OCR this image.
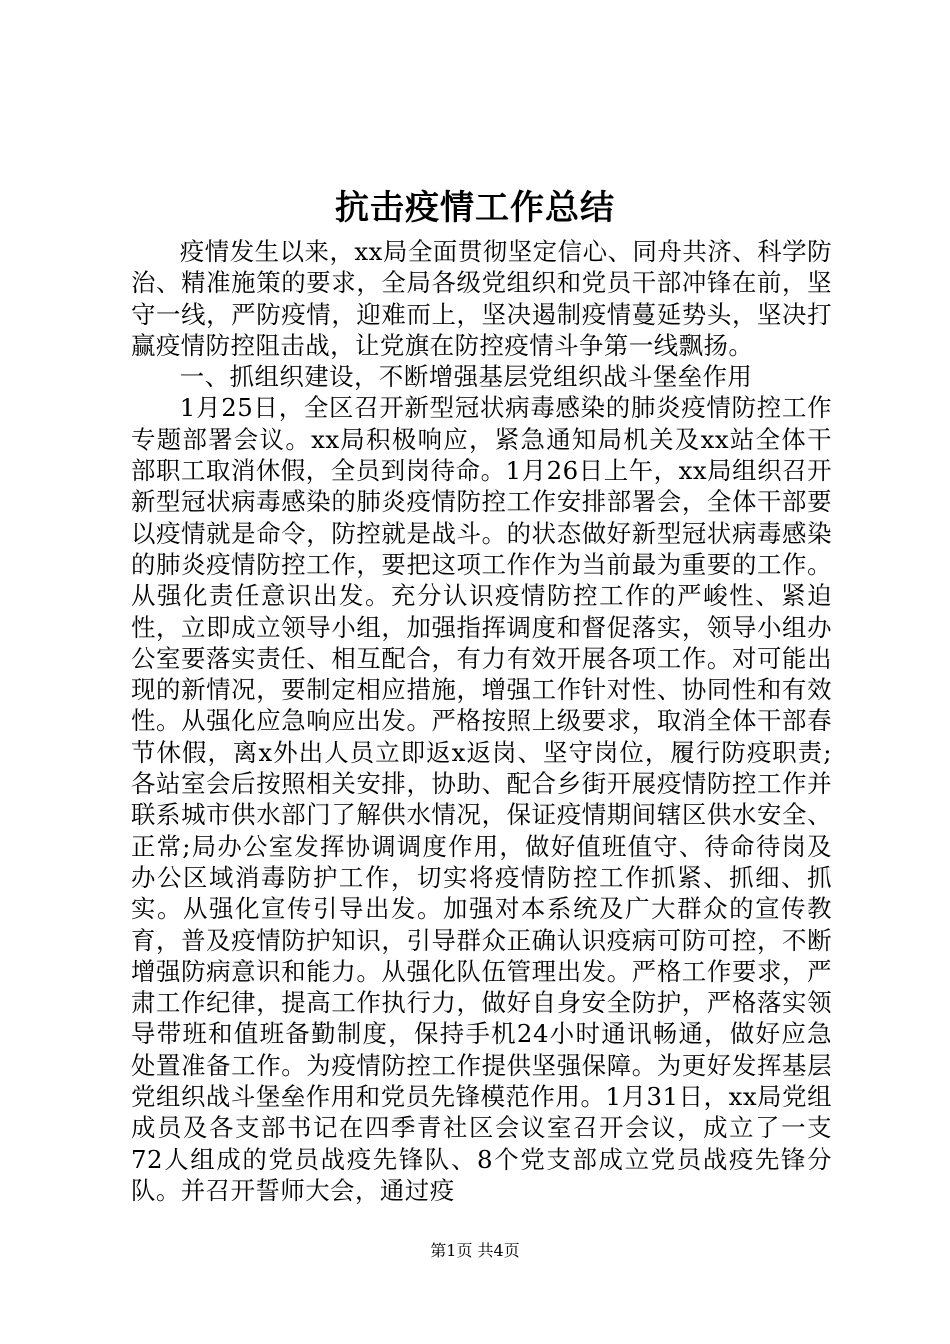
抗击疫情工作总结

疫情发生以来，xx局全面贯彻坚定信心、同舟共济、科学防治、精准施策的要求，全局各级党组织和党员干部冲锋在前，坚守一线，严防疫情，迎难而上，坚决遏制疫情蔓延势头，坚决打赢疫情防控阻击战，让党旗在防控疫情斗争第一线飘扬。

一、抓组织建设，不断增强基层党组织战斗堡垒作用

1月25日，全区召开新型冠状病毒感染的肺炎疫情防控工作专题部署会议。xx局积极响应，紧急通知局机关及xx站全体干部职工取消休假，全员到岗待命。1月26日上午，xx局组织召开新型冠状病毒感染的肺炎疫情防控工作安排部署会，全体干部要以疫情就是命令，防控就是战斗。的状态做好新型冠状病毒感染的肺炎疫情防控工作，要把这项工作作为当前最为重要的工作。从强化责任意识出发。充分认识疫情防控工作的严峻性、紧迫性，立即成立领导小组，加强指挥调度和督促落实，领导小组办公室要落实责任、相互配合，有力有效开展各项工作。对可能出现的新情况，要制定相应措施，增强工作针对性、协同性和有效性。从强化应急响应出发。严格按照上级要求，取消全体干部春节休假，离x外出人员立即返x返岗、坚守岗位，履行防疫职责;各站室会后按照相关安排，协助、配合乡街开展疫情防控工作并联系城市供水部门了解供水情况，保证疫情期间辖区供水安全、正常;局办公室发挥协调调度作用，做好值班值守、待命待岗及办公区域消毒防护工作，切实将疫情防控工作抓紧、抓细、抓实。从强化宣传引导出发。加强对本系统及广大群众的宣传教育，普及疫情防护知识，引导群众正确认识疫病可防可控，不断增强防病意识和能力。从强化队伍管理出发。严格工作要求，严肃工作纪律，提高工作执行力，做好自身安全防护，严格落实领导带班和值班备勤制度，保持手机24小时通讯畅通，做好应急处置准备工作。为疫情防控工作提供坚强保障。为更好发挥基层党组织战斗堡垒作用和党员先锋模范作用。1月31日，xx局党组成员及各支部书记在四季青社区会议室召开会议，成立了一支72人组成的党员战疫先锋队、8个党支部成立党员战疫先锋分队。并召开誓师大会，通过疫

第1页 共4页
